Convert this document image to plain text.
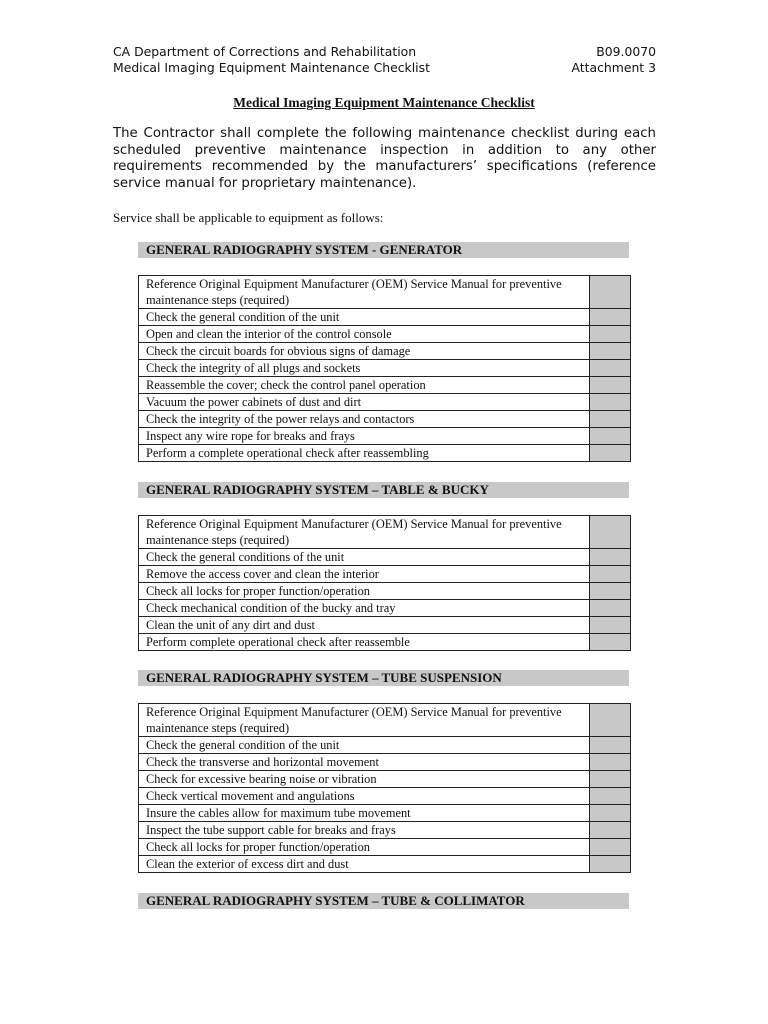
CA Department of Corrections and Rehabilitation
Medical Imaging Equipment Maintenance Checklist
B09.0070
Attachment 3
Medical Imaging Equipment Maintenance Checklist
The Contractor shall complete the following maintenance checklist during each scheduled preventive maintenance inspection in addition to any other requirements recommended by the manufacturers’ specifications (reference service manual for proprietary maintenance).
Service shall be applicable to equipment as follows:
GENERAL RADIOGRAPHY SYSTEM - GENERATOR
Reference Original Equipment Manufacturer (OEM) Service Manual for preventive maintenance steps (required)	
Check the general condition of the unit	
Open and clean the interior of the control console	
Check the circuit boards for obvious signs of damage	
Check the integrity of all plugs and sockets	
Reassemble the cover; check the control panel operation	
Vacuum the power cabinets of dust and dirt	
Check the integrity of the power relays and contactors	
Inspect any wire rope for breaks and frays	
Perform a complete operational check after reassembling	
GENERAL RADIOGRAPHY SYSTEM – TABLE & BUCKY
Reference Original Equipment Manufacturer (OEM) Service Manual for preventive maintenance steps (required)	
Check the general conditions of the unit	
Remove the access cover and clean the interior	
Check all locks for proper function/operation	
Check mechanical condition of the bucky and tray	
Clean the unit of any dirt and dust	
Perform complete operational check after reassemble	
GENERAL RADIOGRAPHY SYSTEM – TUBE SUSPENSION
Reference Original Equipment Manufacturer (OEM) Service Manual for preventive maintenance steps (required)	
Check the general condition of the unit	
Check the transverse and horizontal movement	
Check for excessive bearing noise or vibration	
Check vertical movement and angulations	
Insure the cables allow for maximum tube movement	
Inspect the tube support cable for breaks and frays	
Check all locks for proper function/operation	
Clean the exterior of excess dirt and dust	
GENERAL RADIOGRAPHY SYSTEM – TUBE & COLLIMATOR
